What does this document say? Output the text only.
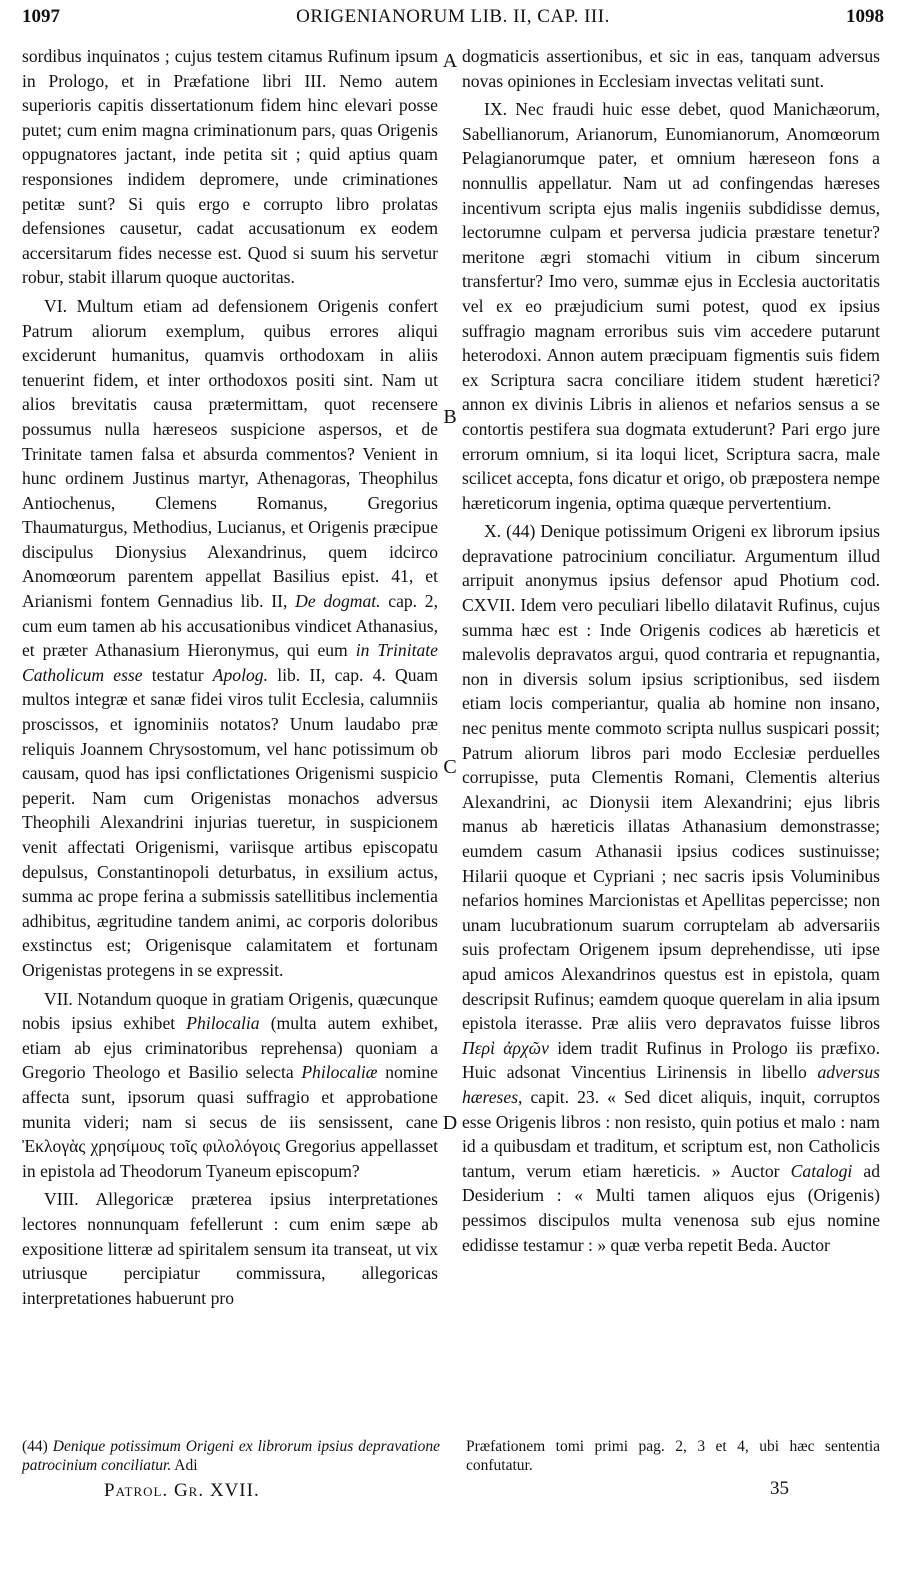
1097	ORIGENIANORUM LIB. II, CAP. III.	1098
A
B
C
D

sordibus inquinatos ; cujus testem citamus Rufinum ipsum in Prologo, et in Præfatione libri III. Nemo autem superioris capitis dissertationum fidem hinc elevari posse putet; cum enim magna criminationum pars, quas Origenis oppugnatores jactant, inde petita sit ; quid aptius quam responsiones indidem depromere, unde criminationes petitæ sunt? Si quis ergo e corrupto libro prolatas defensiones causetur, cadat accusationum ex eodem accersitarum fides necesse est. Quod si suum his servetur robur, stabit illarum quoque auctoritas.

VI. Multum etiam ad defensionem Origenis confert Patrum aliorum exemplum, quibus errores aliqui exciderunt humanitus, quamvis orthodoxam in aliis tenuerint fidem, et inter orthodoxos positi sint. Nam ut alios brevitatis causa prætermittam, quot recensere possumus nulla hæreseos suspicione aspersos, et de Trinitate tamen falsa et absurda commentos? Venient in hunc ordinem Justinus martyr, Athenagoras, Theophilus Antiochenus, Clemens Romanus, Gregorius Thaumaturgus, Methodius, Lucianus, et Origenis præcipue discipulus Dionysius Alexandrinus, quem idcirco Anomœorum parentem appellat Basilius epist. 41, et Arianismi fontem Gennadius lib. II, De dogmat. cap. 2, cum eum tamen ab his accusationibus vindicet Athanasius, et præter Athanasium Hieronymus, qui eum in Trinitate Catholicum esse testatur Apolog. lib. II, cap. 4. Quam multos integræ et sanæ fidei viros tulit Ecclesia, calumniis proscissos, et ignominiis notatos? Unum laudabo præ reliquis Joannem Chrysostomum, vel hanc potissimum ob causam, quod has ipsi conflictationes Origenismi suspicio peperit. Nam cum Origenistas monachos adversus Theophili Alexandrini injurias tueretur, in suspicionem venit affectati Origenismi, variisque artibus episcopatu depulsus, Constantinopoli deturbatus, in exsilium actus, summa ac prope ferina a submissis satellitibus inclementia adhibitus, ægritudine tandem animi, ac corporis doloribus exstinctus est; Origenisque calamitatem et fortunam Origenistas protegens in se expressit.

VII. Notandum quoque in gratiam Origenis, quæcunque nobis ipsius exhibet Philocalia (multa autem exhibet, etiam ab ejus criminatoribus reprehensa) quoniam a Gregorio Theologo et Basilio selecta Philocaliæ nomine affecta sunt, ipsorum quasi suffragio et approbatione munita videri; nam si secus de iis sensissent, cane Ἐκλογὰς χρησίμους τοῖς φιλολόγοις Gregorius appellasset in epistola ad Theodorum Tyaneum episcopum?

VIII. Allegoricæ præterea ipsius interpretationes lectores nonnunquam fefellerunt : cum enim sæpe ab expositione litteræ ad spiritalem sensum ita transeat, ut vix utriusque percipiatur commissura, allegoricas interpretationes habuerunt pro

dogmaticis assertionibus, et sic in eas, tanquam adversus novas opiniones in Ecclesiam invectas velitati sunt.

IX. Nec fraudi huic esse debet, quod Manichæorum, Sabellianorum, Arianorum, Eunomianorum, Anomœorum Pelagianorumque pater, et omnium hæreseon fons a nonnullis appellatur. Nam ut ad confingendas hæreses incentivum scripta ejus malis ingeniis subdidisse demus, lectorumne culpam et perversa judicia præstare tenetur? meritone ægri stomachi vitium in cibum sincerum transfertur? Imo vero, summæ ejus in Ecclesia auctoritatis vel ex eo præjudicium sumi potest, quod ex ipsius suffragio magnam erroribus suis vim accedere putarunt heterodoxi. Annon autem præcipuam figmentis suis fidem ex Scriptura sacra conciliare itidem student hæretici? annon ex divinis Libris in alienos et nefarios sensus a se contortis pestifera sua dogmata extuderunt? Pari ergo jure errorum omnium, si ita loqui licet, Scriptura sacra, male scilicet accepta, fons dicatur et origo, ob præpostera nempe hæreticorum ingenia, optima quæque pervertentium.

X. (44) Denique potissimum Origeni ex librorum ipsius depravatione patrocinium conciliatur. Argumentum illud arripuit anonymus ipsius defensor apud Photium cod. CXVII. Idem vero peculiari libello dilatavit Rufinus, cujus summa hæc est : Inde Origenis codices ab hæreticis et malevolis depravatos argui, quod contraria et repugnantia, non in diversis solum ipsius scriptionibus, sed iisdem etiam locis comperiantur, qualia ab homine non insano, nec penitus mente commoto scripta nullus suspicari possit; Patrum aliorum libros pari modo Ecclesiæ perduelles corrupisse, puta Clementis Romani, Clementis alterius Alexandrini, ac Dionysii item Alexandrini; ejus libris manus ab hæreticis illatas Athanasium demonstrasse; eumdem casum Athanasii ipsius codices sustinuisse; Hilarii quoque et Cypriani ; nec sacris ipsis Voluminibus nefarios homines Marcionistas et Apellitas pepercisse; non unam lucubrationum suarum corruptelam ab adversariis suis profectam Origenem ipsum deprehendisse, uti ipse apud amicos Alexandrinos questus est in epistola, quam descripsit Rufinus; eamdem quoque querelam in alia ipsum epistola iterasse. Præ aliis vero depravatos fuisse libros Περὶ ἀρχῶν idem tradit Rufinus in Prologo iis præfixo. Huic adsonat Vincentius Lirinensis in libello adversus hæreses, capit. 23. « Sed dicet aliquis, inquit, corruptos esse Origenis libros : non resisto, quin potius et malo : nam id a quibusdam et traditum, et scriptum est, non Catholicis tantum, verum etiam hæreticis. » Auctor Catalogi ad Desiderium : « Multi tamen aliquos ejus (Origenis) pessimos discipulos multa venenosa sub ejus nomine edidisse testamur : » quæ verba repetit Beda. Auctor

(44) Denique potissimum Origeni ex librorum ipsius depravatione patrocinium conciliatur. Adi
Præfationem tomi primi pag. 2, 3 et 4, ubi hæc sententia confutatur.
Patrol. Gr. XVII.	35
